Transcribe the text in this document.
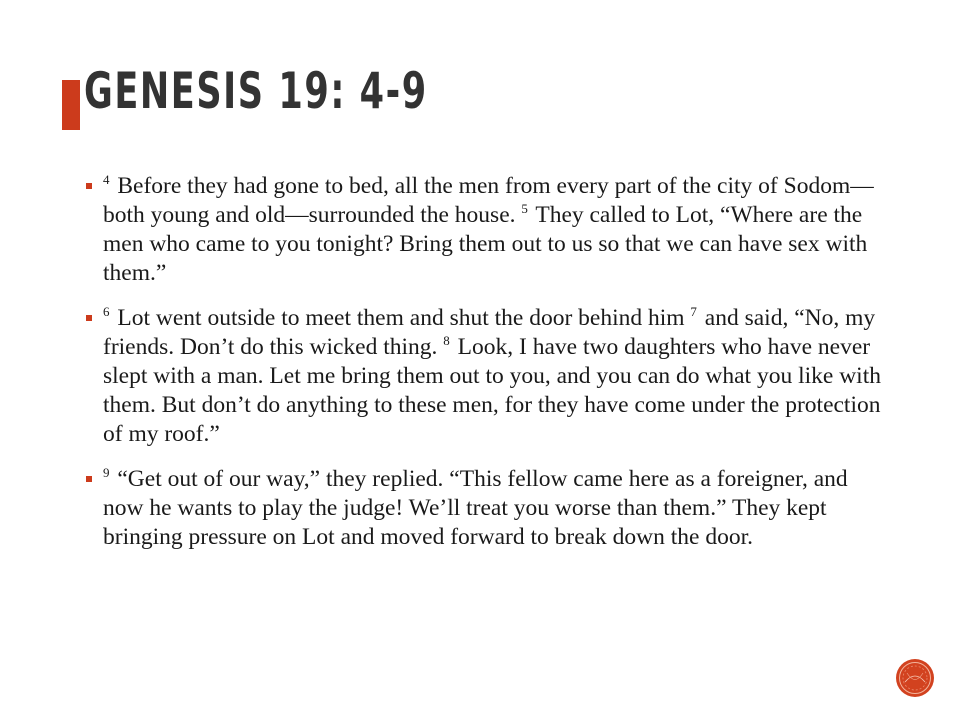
GENESIS 19: 4-9
$^4$ Before they had gone to bed, all the men from every part of the city of Sodom—both young and old—surrounded the house. $^5$ They called to Lot, “Where are the men who came to you tonight? Bring them out to us so that we can have sex with them.”
$^6$ Lot went outside to meet them and shut the door behind him $^7$ and said, “No, my friends. Don’t do this wicked thing. $^8$ Look, I have two daughters who have never slept with a man. Let me bring them out to you, and you can do what you like with them. But don’t do anything to these men, for they have come under the protection of my roof.”
$^9$ “Get out of our way,” they replied. “This fellow came here as a foreigner, and now he wants to play the judge! We’ll treat you worse than them.” They kept bringing pressure on Lot and moved forward to break down the door.
